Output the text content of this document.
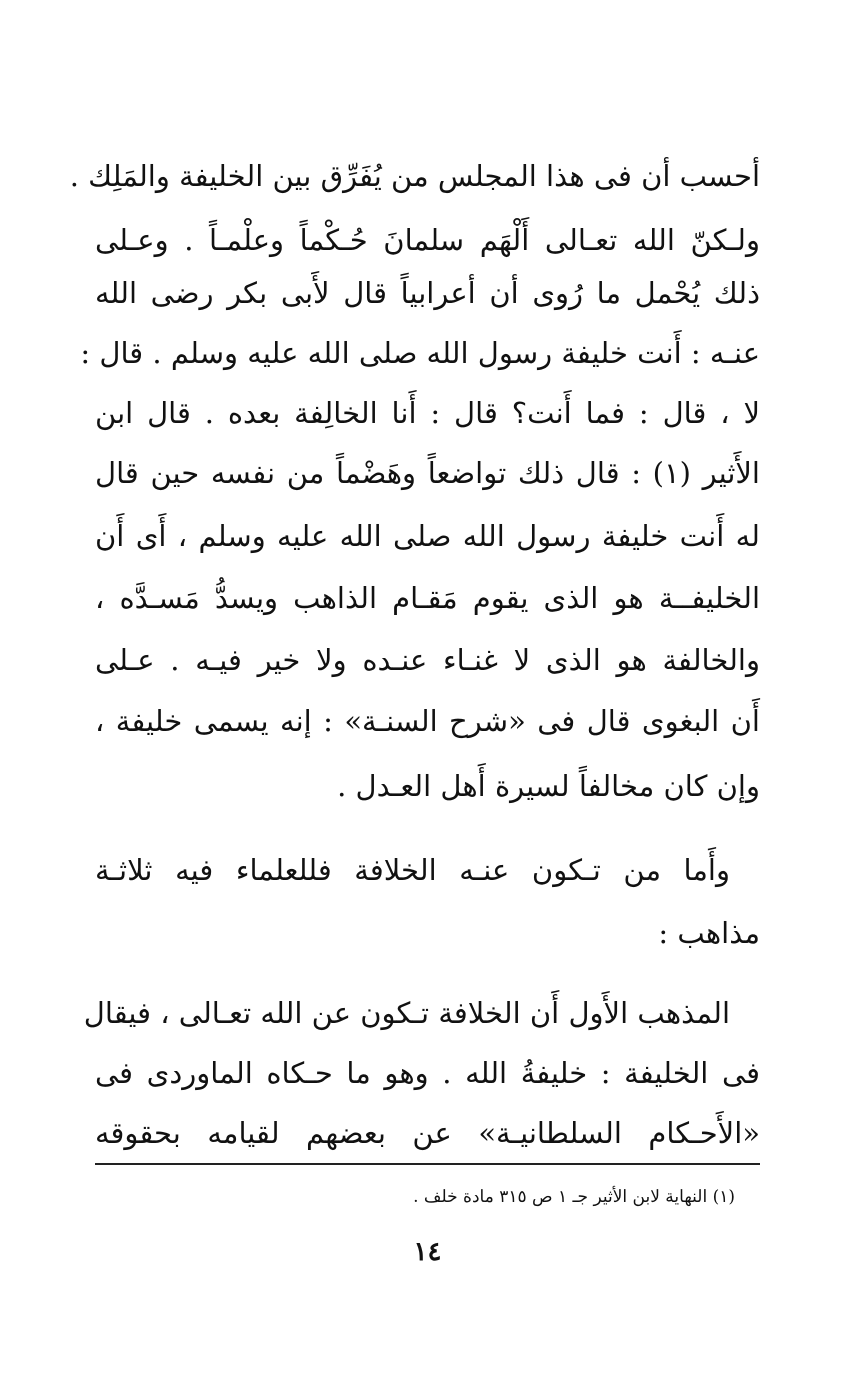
أحسب أن فى هذا المجلس من يُفَرِّق بين الخليفة والمَلِك .
ولـكنّ الله تعـالى أَلْهَم سلمانَ حُـكْماً وعلْمـاً . وعـلى
ذلك يُحْمل ما رُوى أن أعرابياً قال لأَبى بكر رضى الله
عنـه : أَنت خليفة رسول الله صلى الله عليه وسلم . قال :
لا ، قال : فما أَنت؟ قال : أَنا الخالِفة بعده . قال ابن
الأَثير (١) : قال ذلك تواضعاً وهَضْماً من نفسه حين قال
له أَنت خليفة رسول الله صلى الله عليه وسلم ، أَى أَن
الخليفــة هو الذى يقوم مَقـام الذاهب ويسدُّ مَسـدَّه ،
والخالفة هو الذى لا غنـاء عنـده ولا خير فيـه . عـلى
أَن البغوى قال فى «شرح السنـة» : إنه يسمى خليفة ،
وإن كان مخالفاً لسيرة أَهل العـدل .
وأَما من تـكون عنـه الخلافة فللعلماء فيه ثلاثـة
مذاهب :
المذهب الأَول أَن الخلافة تـكون عن الله تعـالى ، فيقال
فى الخليفة : خليفةُ الله . وهو ما حـكاه الماوردى فى
«الأَحـكام السلطانيـة» عن بعضهم لقيامه بحقوقه
(١) النهاية لابن الأثير جـ ١ ص ٣١٥ مادة خلف .
١٤
